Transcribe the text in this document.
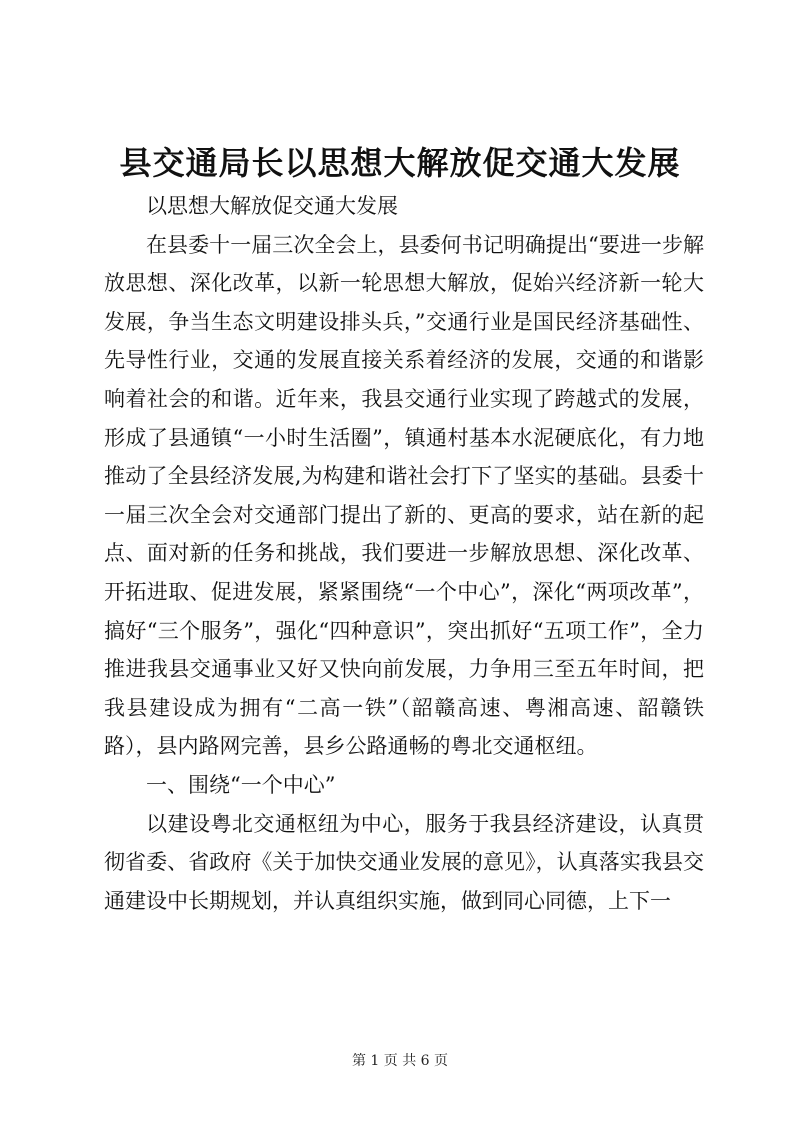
县交通局长以思想大解放促交通大发展

以思想大解放促交通大发展

在县委十一届三次全会上，县委何书记明确提出“要进一步解放思想、深化改革，以新一轮思想大解放，促始兴经济新一轮大发展，争当生态文明建设排头兵，”交通行业是国民经济基础性、先导性行业，交通的发展直接关系着经济的发展，交通的和谐影响着社会的和谐。近年来，我县交通行业实现了跨越式的发展，形成了县通镇“一小时生活圈”，镇通村基本水泥硬底化，有力地推动了全县经济发展,为构建和谐社会打下了坚实的基础。县委十一届三次全会对交通部门提出了新的、更高的要求，站在新的起点、面对新的任务和挑战，我们要进一步解放思想、深化改革、开拓进取、促进发展，紧紧围绕“一个中心”，深化“两项改革”，搞好“三个服务”，强化“四种意识”，突出抓好“五项工作”，全力推进我县交通事业又好又快向前发展，力争用三至五年时间，把我县建设成为拥有“二高一铁”（韶赣高速、粤湘高速、韶赣铁路），县内路网完善，县乡公路通畅的粤北交通枢纽。

一、围绕“一个中心”

以建设粤北交通枢纽为中心，服务于我县经济建设，认真贯彻省委、省政府《关于加快交通业发展的意见》，认真落实我县交通建设中长期规划，并认真组织实施，做到同心同德，上下一

第 1 页 共 6 页
